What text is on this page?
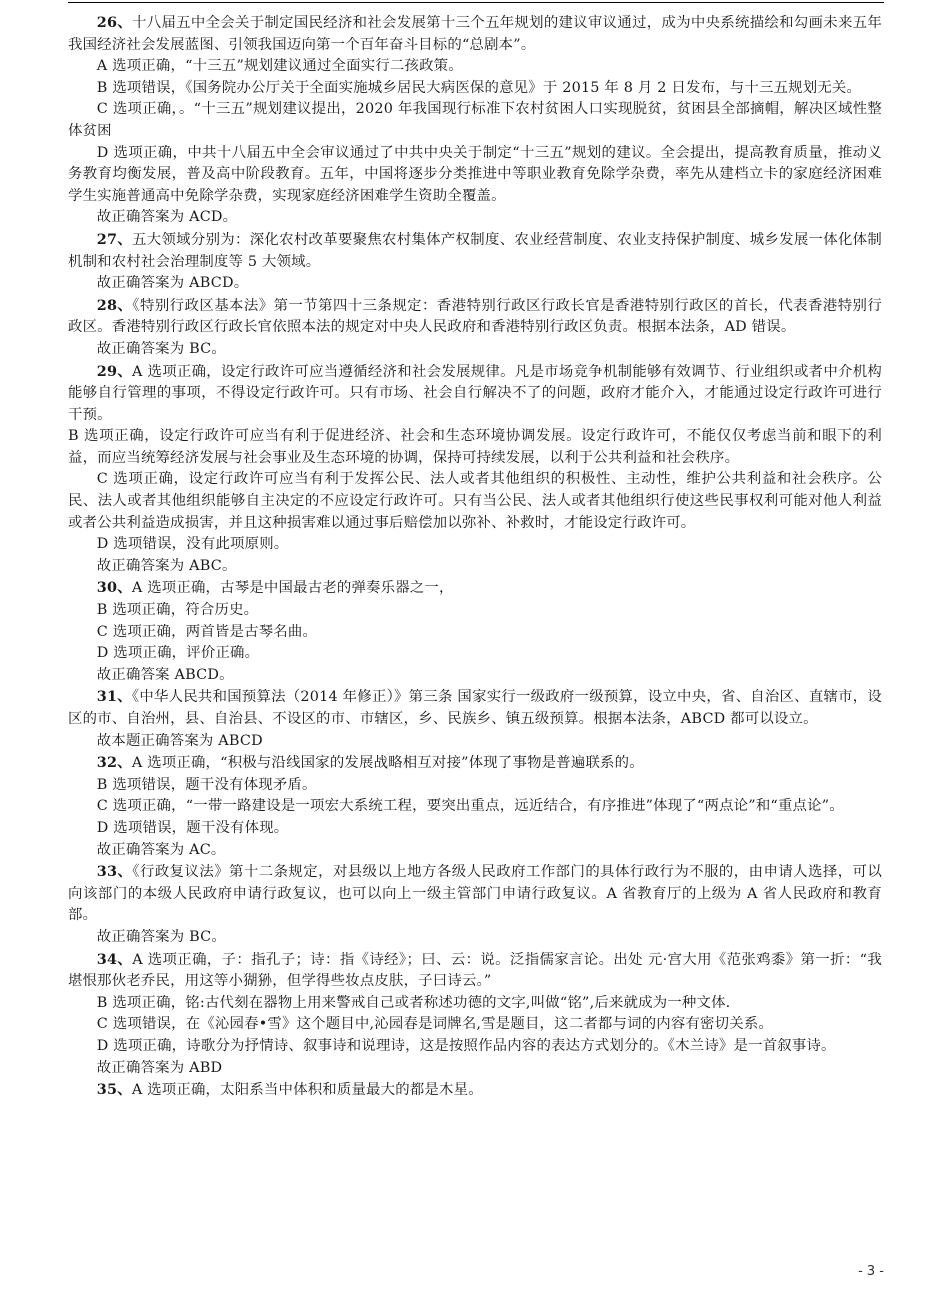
26、十八届五中全会关于制定国民经济和社会发展第十三个五年规划的建议审议通过，成为中央系统描绘和勾画未来五年我国经济社会发展蓝图、引领我国迈向第一个百年奋斗目标的“总剧本”。

A 选项正确，“十三五”规划建议通过全面实行二孩政策。

B 选项错误，《国务院办公厅关于全面实施城乡居民大病医保的意见》于 2015 年 8 月 2 日发布，与十三五规划无关。

C 选项正确，。“十三五”规划建议提出，2020 年我国现行标准下农村贫困人口实现脱贫，贫困县全部摘帽，解决区域性整体贫困

D 选项正确，中共十八届五中全会审议通过了中共中央关于制定“十三五”规划的建议。全会提出，提高教育质量，推动义务教育均衡发展，普及高中阶段教育。五年，中国将逐步分类推进中等职业教育免除学杂费，率先从建档立卡的家庭经济困难学生实施普通高中免除学杂费，实现家庭经济困难学生资助全覆盖。

故正确答案为 ACD。

27、五大领域分别为：深化农村改革要聚焦农村集体产权制度、农业经营制度、农业支持保护制度、城乡发展一体化体制机制和农村社会治理制度等 5 大领域。

故正确答案为 ABCD。

28、《特别行政区基本法》第一节第四十三条规定：香港特别行政区行政长官是香港特别行政区的首长，代表香港特别行政区。香港特别行政区行政长官依照本法的规定对中央人民政府和香港特别行政区负责。根据本法条，AD 错误。

故正确答案为 BC。

29、A 选项正确，设定行政许可应当遵循经济和社会发展规律。凡是市场竞争机制能够有效调节、行业组织或者中介机构能够自行管理的事项，不得设定行政许可。只有市场、社会自行解决不了的问题，政府才能介入，才能通过设定行政许可进行干预。

B 选项正确，设定行政许可应当有利于促进经济、社会和生态环境协调发展。设定行政许可，不能仅仅考虑当前和眼下的利益，而应当统筹经济发展与社会事业及生态环境的协调，保持可持续发展，以利于公共利益和社会秩序。

C 选项正确，设定行政许可应当有利于发挥公民、法人或者其他组织的积极性、主动性，维护公共利益和社会秩序。公民、法人或者其他组织能够自主决定的不应设定行政许可。只有当公民、法人或者其他组织行使这些民事权利可能对他人利益或者公共利益造成损害，并且这种损害难以通过事后赔偿加以弥补、补救时，才能设定行政许可。

D 选项错误，没有此项原则。

故正确答案为 ABC。

30、A 选项正确，古琴是中国最古老的弹奏乐器之一，

B 选项正确，符合历史。

C 选项正确，两首皆是古琴名曲。

D 选项正确，评价正确。

故正确答案 ABCD。

31、《中华人民共和国预算法（2014 年修正）》第三条 国家实行一级政府一级预算，设立中央，省、自治区、直辖市，设区的市、自治州，县、自治县、不设区的市、市辖区，乡、民族乡、镇五级预算。根据本法条，ABCD 都可以设立。

故本题正确答案为 ABCD

32、A 选项正确，“积极与沿线国家的发展战略相互对接”体现了事物是普遍联系的。

B 选项错误，题干没有体现矛盾。

C 选项正确，“一带一路建设是一项宏大系统工程，要突出重点，远近结合，有序推进”体现了“两点论”和“重点论”。

D 选项错误，题干没有体现。

故正确答案为 AC。

33、《行政复议法》第十二条规定，对县级以上地方各级人民政府工作部门的具体行政行为不服的，由申请人选择，可以向该部门的本级人民政府申请行政复议，也可以向上一级主管部门申请行政复议。A 省教育厅的上级为 A 省人民政府和教育部。

故正确答案为 BC。

34、A 选项正确，子：指孔子；诗：指《诗经》；曰、云：说。泛指儒家言论。出处 元·宫大用《范张鸡黍》第一折：“我堪恨那伙老乔民，用这等小猢狲，但学得些妆点皮肤，子曰诗云。”

B 选项正确，铭:古代刻在器物上用来警戒自己或者称述功德的文字,叫做“铭”,后来就成为一种文体.

C 选项错误，在《沁园春•雪》这个题目中,沁园春是词牌名,雪是题目，这二者都与词的内容有密切关系。

D 选项正确，诗歌分为抒情诗、叙事诗和说理诗，这是按照作品内容的表达方式划分的。《木兰诗》是一首叙事诗。

故正确答案为 ABD

35、A 选项正确，太阳系当中体积和质量最大的都是木星。

- 3 -
